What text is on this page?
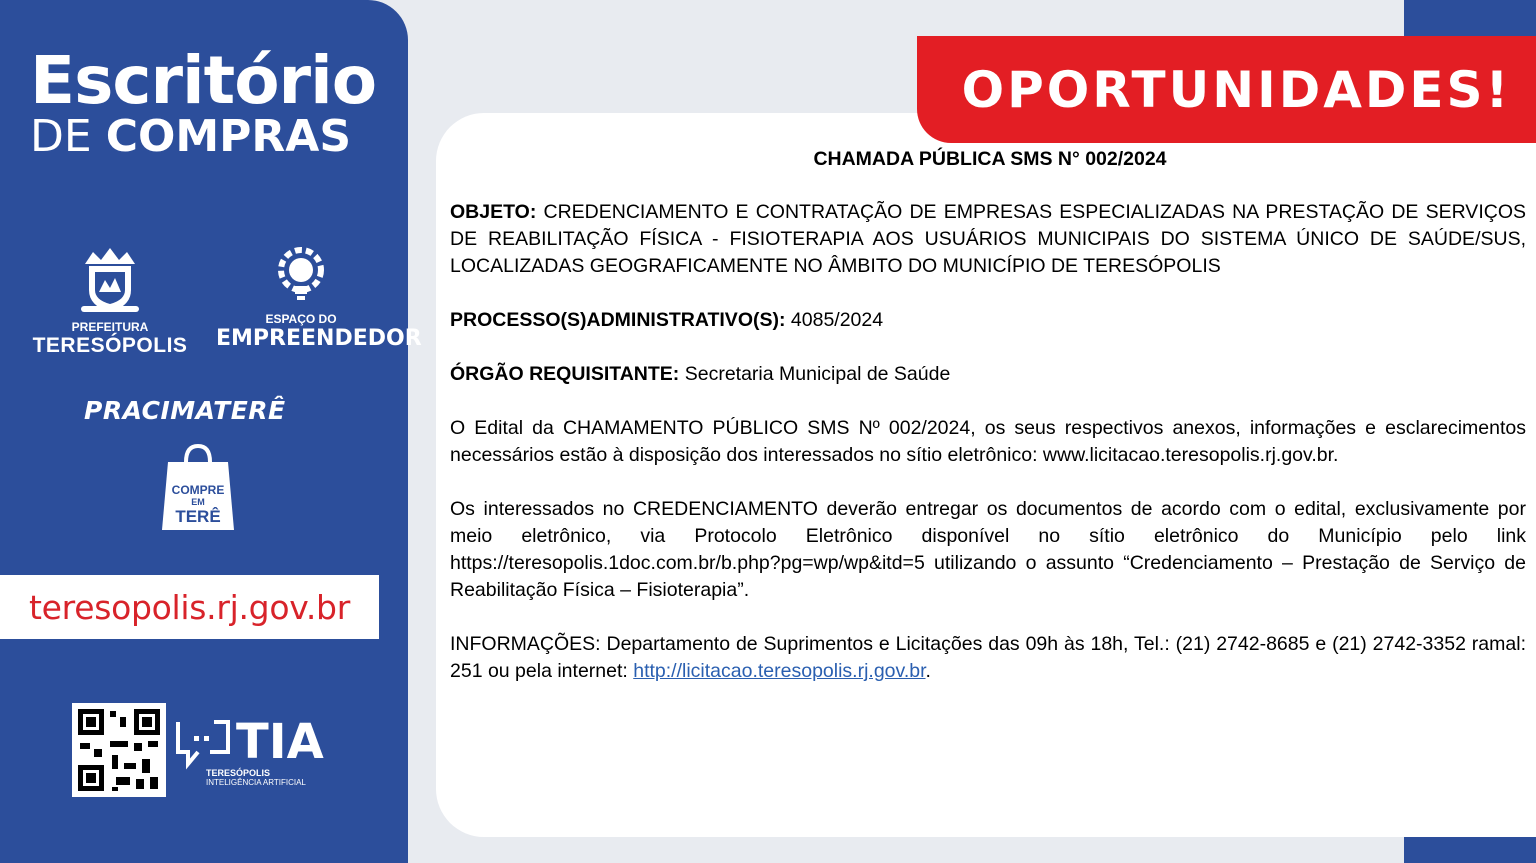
Escritório
DE COMPRAS
PREFEITURA
TERESÓPOLIS
ESPAÇO DO
EMPREENDEDOR
PRACIMATERÊ
COMPRE
EM
TERÊ
teresopolis.rj.gov.br
TIA
TERESÓPOLIS
INTELIGÊNCIA ARTIFICIAL
OPORTUNIDADES!

CHAMADA PÚBLICA SMS N° 002/2024

OBJETO: CREDENCIAMENTO E CONTRATAÇÃO DE EMPRESAS ESPECIALIZADAS NA PRESTAÇÃO DE SERVIÇOS DE REABILITAÇÃO FÍSICA - FISIOTERAPIA AOS USUÁRIOS MUNICIPAIS DO SISTEMA ÚNICO DE SAÚDE/SUS, LOCALIZADAS GEOGRAFICAMENTE NO ÂMBITO DO MUNICÍPIO DE TERESÓPOLIS

PROCESSO(S)ADMINISTRATIVO(S): 4085/2024

ÓRGÃO REQUISITANTE: Secretaria Municipal de Saúde

O Edital da CHAMAMENTO PÚBLICO SMS Nº 002/2024, os seus respectivos anexos, informações e esclarecimentos necessários estão à disposição dos interessados no sítio eletrônico: www.licitacao.teresopolis.rj.gov.br.

Os interessados no CREDENCIAMENTO deverão entregar os documentos de acordo com o edital, exclusivamente por meio eletrônico, via Protocolo Eletrônico disponível no sítio eletrônico do Município pelo link https://teresopolis.1doc.com.br/b.php?pg=wp/wp&itd=5 utilizando o assunto “Credenciamento – Prestação de Serviço de Reabilitação Física – Fisioterapia”.

INFORMAÇÕES: Departamento de Suprimentos e Licitações das 09h às 18h, Tel.: (21) 2742-8685 e (21) 2742-3352 ramal: 251 ou pela internet: http://licitacao.teresopolis.rj.gov.br.
